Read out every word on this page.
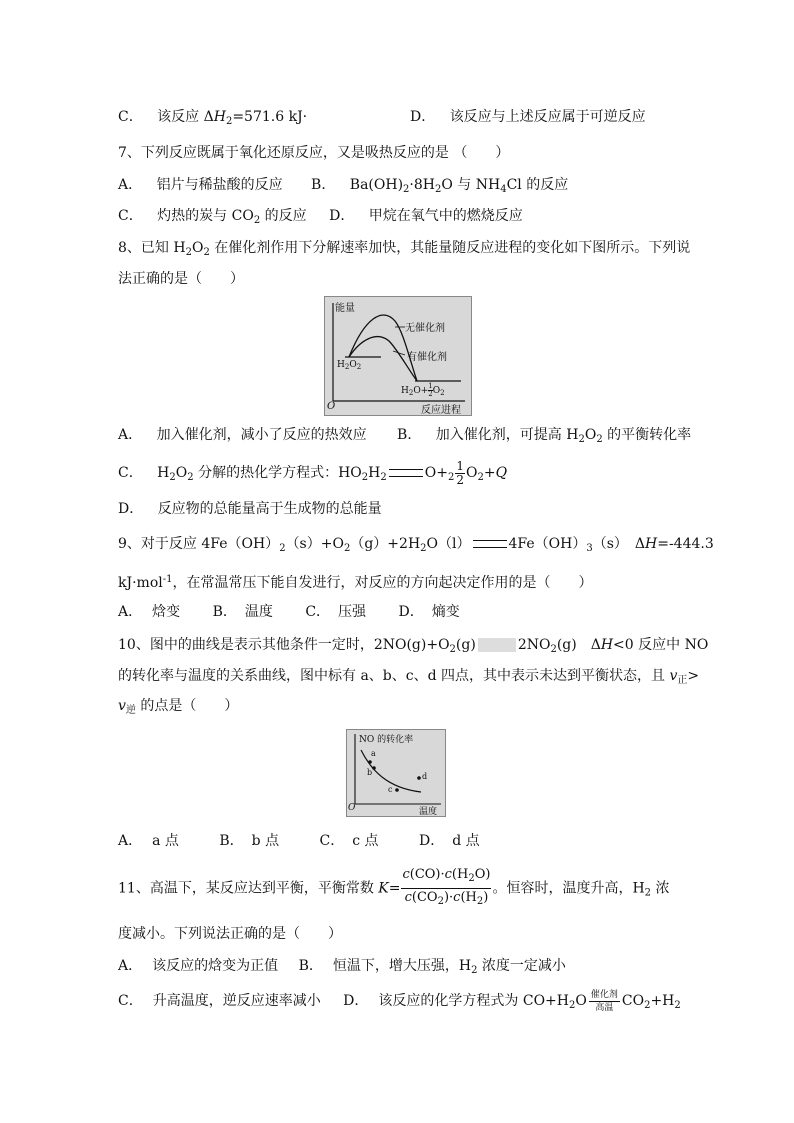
C． 该反应 $\Delta H_2=571.6$ kJ·	D． 该反应与上述反应属于可逆反应
7、下列反应既属于氧化还原反应，又是吸热反应的是 （　　）
A． 铝片与稀盐酸的反应 B． $Ba(OH)_2\cdot 8H_2O$ 与 $NH_4Cl$ 的反应
C． 灼热的炭与 $CO_2$ 的反应 D． 甲烷在氧气中的燃烧反应
8、已知 $H_2O_2$ 在催化剂作用下分解速率加快，其能量随反应进程的变化如下图所示。下列说
法正确的是（　　）
能量
O	反应进程
无催化剂
有催化剂
$H_2O_2$
$H_2O+ \frac{1}{2} O_2$
A． 加入催化剂，减小了反应的热效应 B． 加入催化剂，可提高 $H_2O_2$ 的平衡转化率
C． $H_2O_2$ 分解的热化学方程式：$HO_2H_2$	$O+_2 \frac{1}{2} O_2+Q$
D． 反应物的总能量高于生成物的总能量
9、对于反应 $4Fe(OH)_2(s)+O_2(g)+2H_2O(l)$	$4Fe(OH)_3(s)$　ΔH=-444.3
kJ·mol$^{-1}$，在常温常压下能自发进行，对反应的方向起决定作用的是（　　）
A． 焓变 B． 温度 C． 压强 D． 熵变
10、图中的曲线是表示其他条件一定时，$2NO(g)+O_2(g)$	$2NO_2(g)$　ΔH<0 反应中 NO
的转化率与温度的关系曲线，图中标有 a、b、c、d 四点，其中表示未达到平衡状态，且 $v_正>$
$v_逆$ 的点是（　　）
NO 的转化率
O	温度
a
b
c
d
A． a 点	B． b 点	C． c 点	D． d 点
11、高温下，某反应达到平衡，平衡常数 $K= \frac{c(CO)\cdot c(H_2O)}{c(CO_2)\cdot c(H_2)}$ 。恒容时，温度升高，$H_2$ 浓
度减小。下列说法正确的是（　　）
A． 该反应的焓变为正值 B． 恒温下，增大压强，$H_2$ 浓度一定减小
C． 升高温度，逆反应速率减小 D． 该反应的化学方程式为 $CO+H_2O$ 催化剂
高温 $CO_2+H_2$
